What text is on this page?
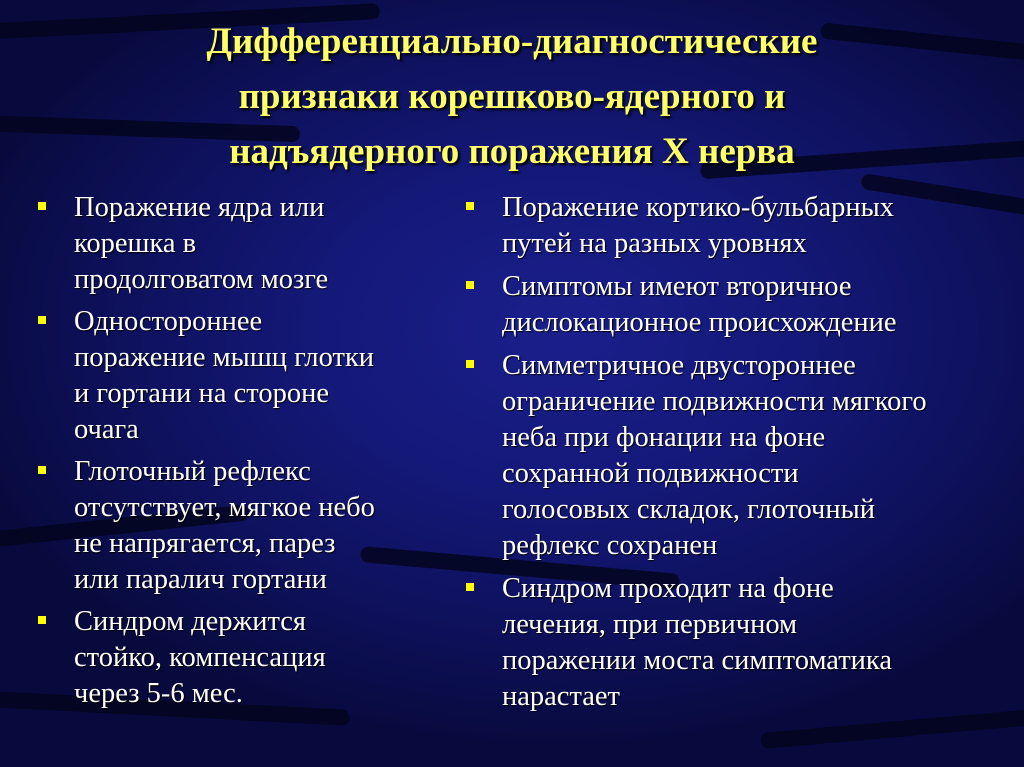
Дифференциально-диагностические
признаки корешково-ядерного и
надъядерного поражения Х нерва
Поражение ядра или
корешка в
продолговатом мозге
Одностороннее
поражение мышц глотки
и гортани на стороне
очага
Глоточный рефлекс
отсутствует, мягкое небо
не напрягается, парез
или паралич гортани
Синдром держится
стойко, компенсация
через 5-6 мес.
Поражение кортико-бульбарных
путей на разных уровнях
Симптомы имеют вторичное
дислокационное происхождение
Симметричное двустороннее
ограничение подвижности мягкого
неба при фонации на фоне
сохранной подвижности
голосовых складок, глоточный
рефлекс сохранен
Синдром проходит на фоне
лечения, при первичном
поражении моста симптоматика
нарастает
